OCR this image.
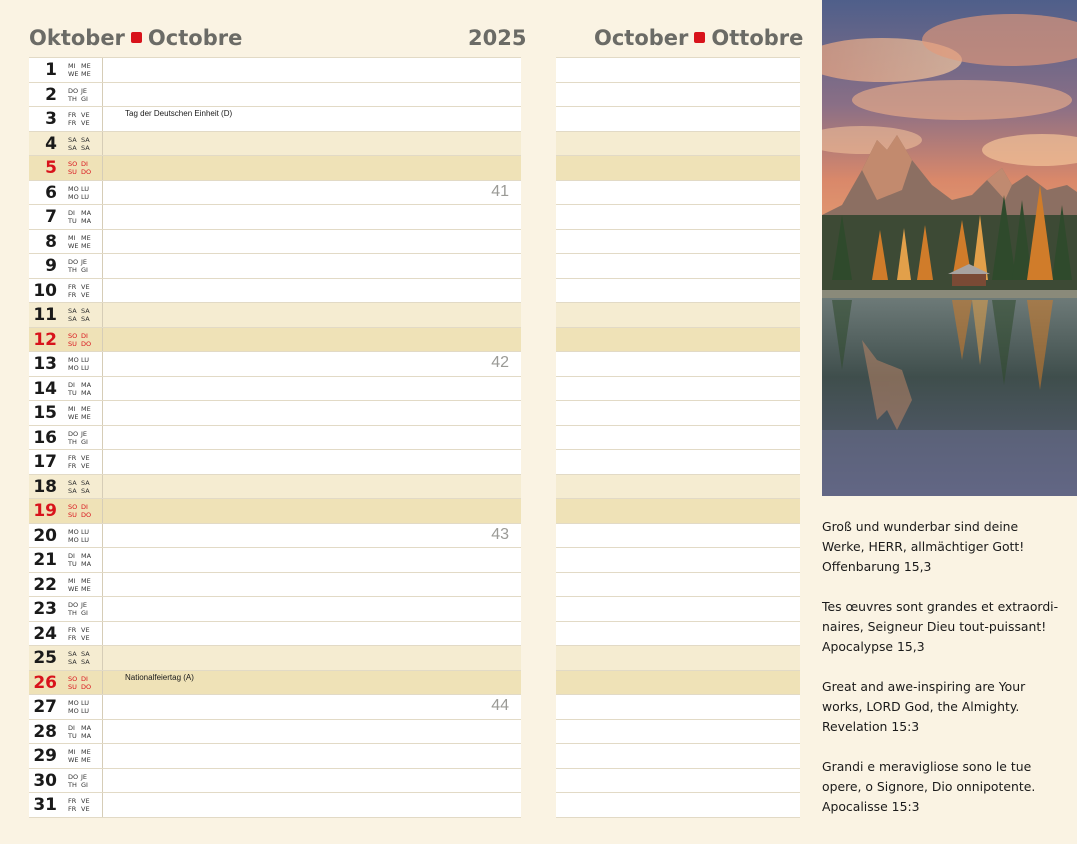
Oktober Octobre	2025	October Ottobre
1 MI ME
WE ME
2 DO JE
TH GI
3 FR VE
FR VE
Tag der Deutschen Einheit (D)
4 SA SA
SA SA
5 SO DI
SU DO
6 MO LU
MO LU	41
7 DI MA
TU MA
8 MI ME
WE ME
9 DO JE
TH GI
10 FR VE
FR VE
11 SA SA
SA SA
12 SO DI
SU DO
13 MO LU
MO LU	42
14 DI MA
TU MA
15 MI ME
WE ME
16 DO JE
TH GI
17 FR VE
FR VE
18 SA SA
SA SA
19 SO DI
SU DO
20 MO LU
MO LU	43
21 DI MA
TU MA
22 MI ME
WE ME
23 DO JE
TH GI
24 FR VE
FR VE
25 SA SA
SA SA
26 SO DI
SU DO
Nationalfeiertag (A)
27 MO LU
MO LU	44
28 DI MA
TU MA
29 MI ME
WE ME
30 DO JE
TH GI
31 FR VE
FR VE

Groß und wunderbar sind deine
Werke, HERR, allmächtiger Gott!
Offenbarung 15,3

Tes œuvres sont grandes et extraordi-
naires, Seigneur Dieu tout-puissant!
Apocalypse 15,3

Great and awe-inspiring are Your
works, LORD God, the Almighty.
Revelation 15:3

Grandi e meravigliose sono le tue
opere, o Signore, Dio onnipotente.
Apocalisse 15:3
